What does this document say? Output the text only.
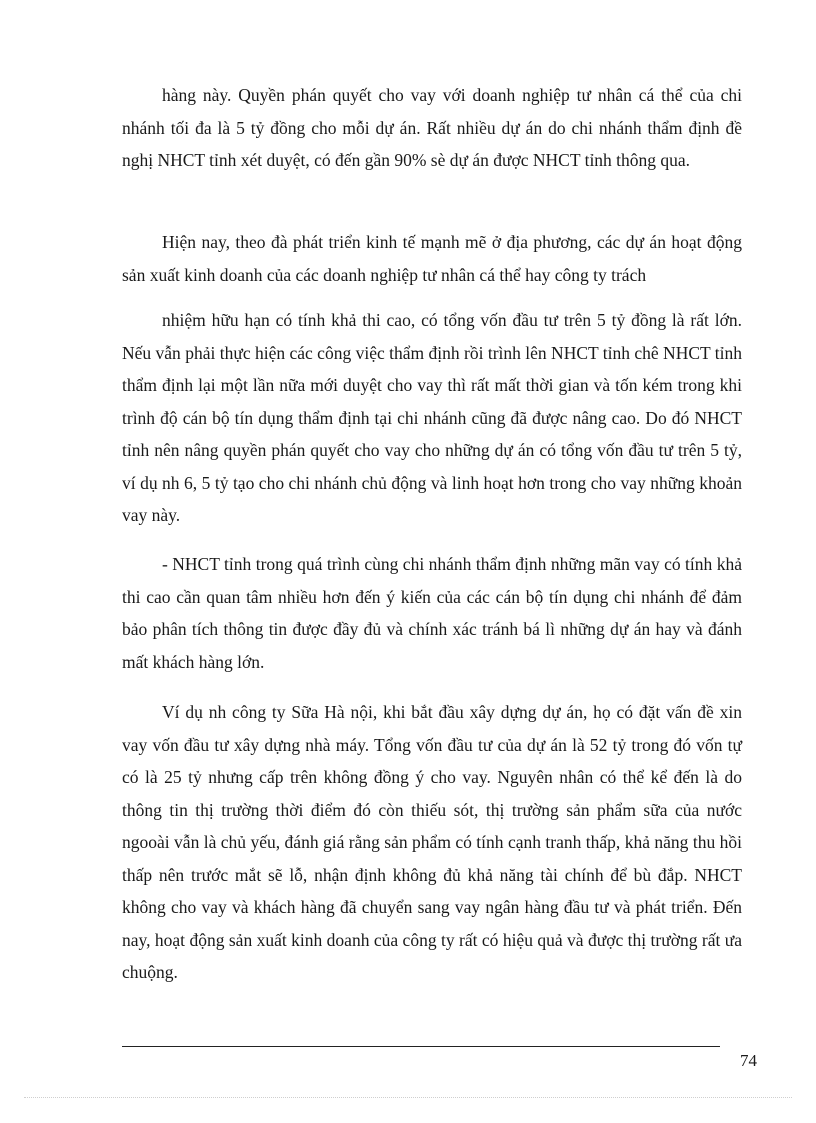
hàng này. Quyền phán quyết cho vay với doanh nghiệp tư nhân cá thể của chi nhánh tối đa là 5 tỷ đồng cho mỗi dự án. Rất nhiều dự án do chi nhánh thẩm định đề nghị NHCT tỉnh xét duyệt, có đến gần 90% sè dự án được NHCT tỉnh thông qua.

Hiện nay, theo đà phát triển kinh tế mạnh mẽ ở địa phương, các dự án hoạt động sản xuất kinh doanh của các doanh nghiệp tư nhân cá thể hay công ty trách

nhiệm hữu hạn có tính khả thi cao, có tổng vốn đầu tư trên 5 tỷ đồng là rất lớn. Nếu vẫn phải thực hiện các công việc thẩm định rồi trình lên NHCT tỉnh chê NHCT tỉnh thẩm định lại một lần nữa mới duyệt cho vay thì rất mất thời gian và tốn kém trong khi trình độ cán bộ tín dụng thẩm định tại chi nhánh cũng đã được nâng cao. Do đó NHCT tỉnh nên nâng quyền phán quyết cho vay cho những dự án có tổng vốn đầu tư trên 5 tỷ, ví dụ nh 6, 5 tỷ tạo cho chi nhánh chủ động và linh hoạt hơn trong cho vay những khoản vay này.

- NHCT tỉnh trong quá trình cùng chi nhánh thẩm định những mãn vay có tính khả thi cao cần quan tâm nhiều hơn đến ý kiến của các cán bộ tín dụng chi nhánh để đảm bảo phân tích thông tin được đầy đủ và chính xác tránh bá lì những dự án hay và đánh mất khách hàng lớn.

Ví dụ nh công ty Sữa Hà nội, khi bắt đầu xây dựng dự án, họ có đặt vấn đề xin vay vốn đầu tư xây dựng nhà máy. Tổng vốn đầu tư của dự án là 52 tỷ trong đó vốn tự có là 25 tỷ nhưng cấp trên không đồng ý cho vay. Nguyên nhân có thể kể đến là do thông tin thị trường thời điểm đó còn thiếu sót, thị trường sản phẩm sữa của nước ngooài vẫn là chủ yếu, đánh giá rằng sản phẩm có tính cạnh tranh thấp, khả năng thu hồi thấp nên trước mắt sẽ lỗ, nhận định không đủ khả năng tài chính để bù đắp. NHCT không cho vay và khách hàng đã chuyển sang vay ngân hàng đầu tư và phát triển. Đến nay, hoạt động sản xuất kinh doanh của công ty rất có hiệu quả và được thị trường rất ưa chuộng.

74
